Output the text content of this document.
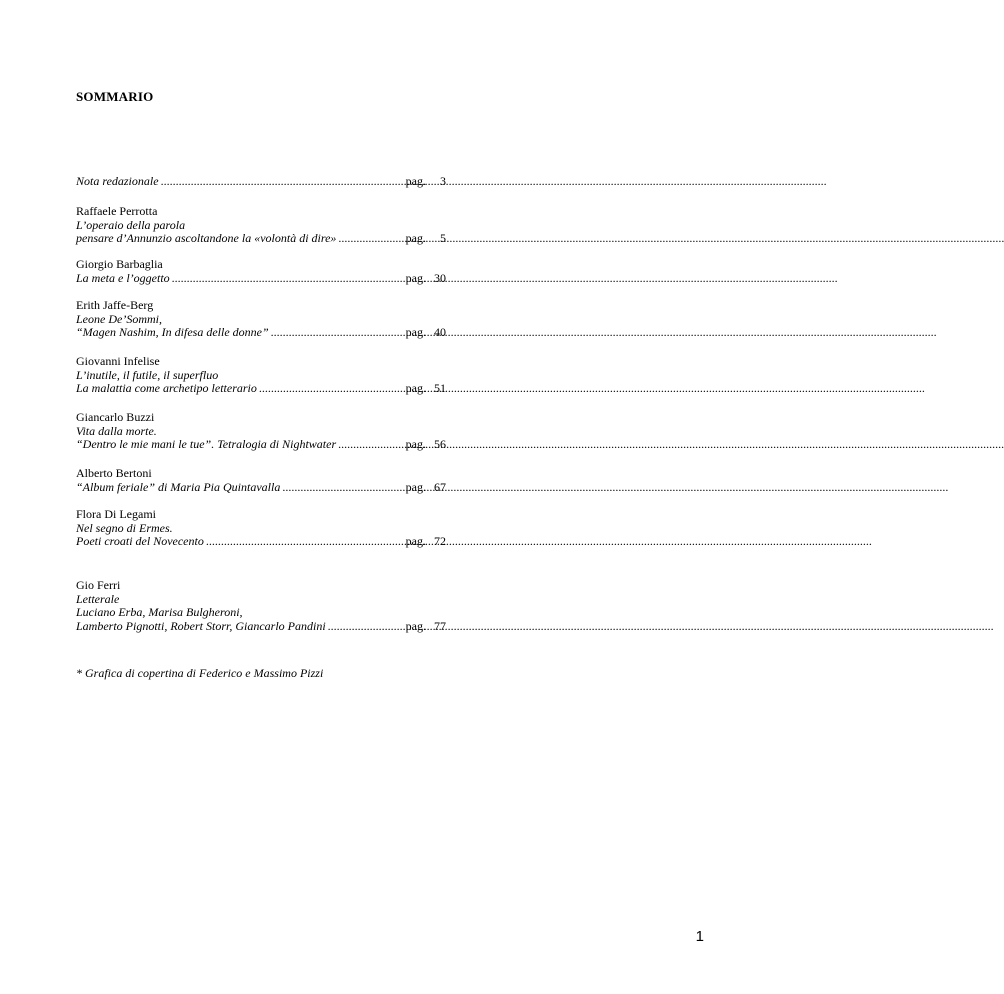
SOMMARIO
Nota redazionale .....	pag.	3
Raffaele Perrotta
L’operaio della parola
pensare d’Annunzio ascoltandone la «volontà di dire» .....	pag.	5
Giorgio Barbaglia
La meta e l’oggetto .....	pag. 30
Erith Jaffe-Berg
Leone De’Sommi,
“Magen Nashim, In difesa delle donne” .....	pag. 40
Giovanni Infelise
L’inutile, il futile, il superfluo
La malattia come archetipo letterario .....	pag. 51
Giancarlo Buzzi
Vita dalla morte.
“Dentro le mie mani le tue”. Tetralogia di Nightwater .....	pag. 56
Alberto Bertoni
“Album feriale” di Maria Pia Quintavalla .....	pag. 67
Flora Di Legami
Nel segno di Ermes.
Poeti croati del Novecento .....	pag. 72
Gio Ferri
Letterale
Luciano Erba, Marisa Bulgheroni,
Lamberto Pignotti, Robert Storr, Giancarlo Pandini .....	pag. 77
* Grafica di copertina di Federico e Massimo Pizzi
1
